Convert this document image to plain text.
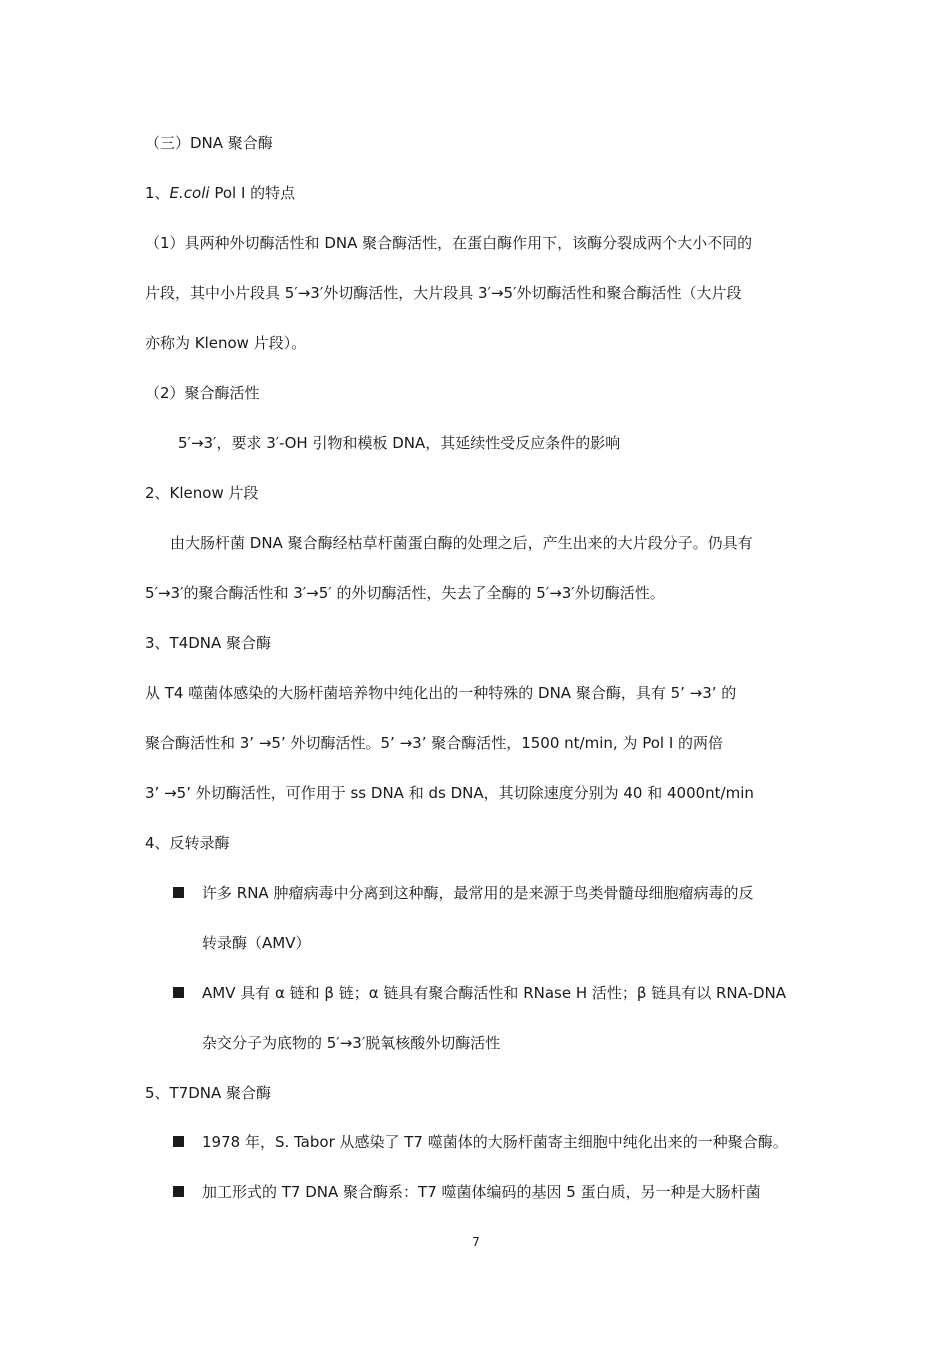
（三）DNA 聚合酶
1、E.coli Pol I 的特点
（1）具两种外切酶活性和 DNA 聚合酶活性，在蛋白酶作用下，该酶分裂成两个大小不同的
片段，其中小片段具 5′→3′外切酶活性，大片段具 3′→5′外切酶活性和聚合酶活性（大片段
亦称为 Klenow 片段）。
（2）聚合酶活性
5′→3′，要求 3′-OH 引物和模板 DNA，其延续性受反应条件的影响
2、Klenow 片段
由大肠杆菌 DNA 聚合酶经枯草杆菌蛋白酶的处理之后，产生出来的大片段分子。仍具有
5′→3′的聚合酶活性和 3′→5′ 的外切酶活性，失去了全酶的 5′→3′外切酶活性。
3、T4DNA 聚合酶
从 T4 噬菌体感染的大肠杆菌培养物中纯化出的一种特殊的 DNA 聚合酶，具有 5’ →3’ 的
聚合酶活性和 3’ →5’ 外切酶活性。5’ →3’ 聚合酶活性，1500 nt/min, 为 Pol I 的两倍
3’ →5’ 外切酶活性，可作用于 ss DNA 和 ds DNA，其切除速度分别为 40 和 4000nt/min
4、反转录酶
许多 RNA 肿瘤病毒中分离到这种酶，最常用的是来源于鸟类骨髓母细胞瘤病毒的反
转录酶（AMV）
AMV 具有 α 链和 β 链；α 链具有聚合酶活性和 RNase H 活性；β 链具有以 RNA-DNA
杂交分子为底物的 5′→3′脱氧核酸外切酶活性
5、T7DNA 聚合酶
1978 年，S. Tabor 从感染了 T7 噬菌体的大肠杆菌寄主细胞中纯化出来的一种聚合酶。
加工形式的 T7 DNA 聚合酶系：T7 噬菌体编码的基因 5 蛋白质，另一种是大肠杆菌
7
